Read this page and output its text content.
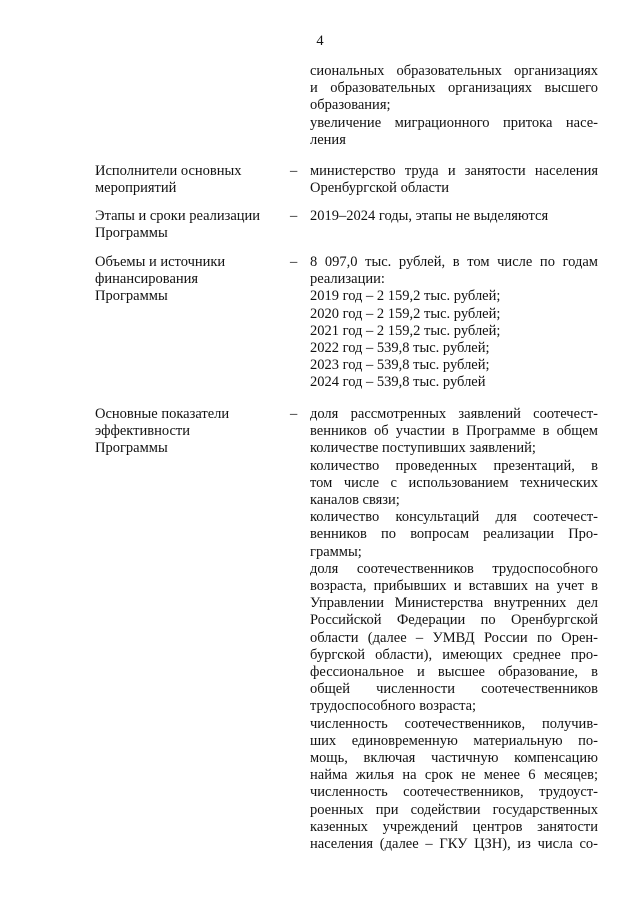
4
сиональных образовательных организациях
и образовательных организациях высшего
образования;
увеличение миграционного притока насе-
ления
Исполнители основных
мероприятий
– министерство труда и занятости населения
Оренбургской области
Этапы и сроки реализации
Программы
– 2019–2024 годы, этапы не выделяются
Объемы и источники
финансирования
Программы
– 8 097,0 тыс. рублей, в том числе по годам
реализации:
2019 год – 2 159,2 тыс. рублей;
2020 год – 2 159,2 тыс. рублей;
2021 год – 2 159,2 тыс. рублей;
2022 год – 539,8 тыс. рублей;
2023 год – 539,8 тыс. рублей;
2024 год – 539,8 тыс. рублей
Основные показатели
эффективности
Программы
– доля рассмотренных заявлений соотечест-
венников об участии в Программе в общем
количестве поступивших заявлений;
количество проведенных презентаций, в
том числе с использованием технических
каналов связи;
количество консультаций для соотечест-
венников по вопросам реализации Про-
граммы;
доля соотечественников трудоспособного
возраста, прибывших и вставших на учет в
Управлении Министерства внутренних дел
Российской Федерации по Оренбургской
области (далее – УМВД России по Орен-
бургской области), имеющих среднее про-
фессиональное и высшее образование, в
общей численности соотечественников
трудоспособного возраста;
численность соотечественников, получив-
ших единовременную материальную по-
мощь, включая частичную компенсацию
найма жилья на срок не менее 6 месяцев;
численность соотечественников, трудоуст-
роенных при содействии государственных
казенных учреждений центров занятости
населения (далее – ГКУ ЦЗН), из числа со-
